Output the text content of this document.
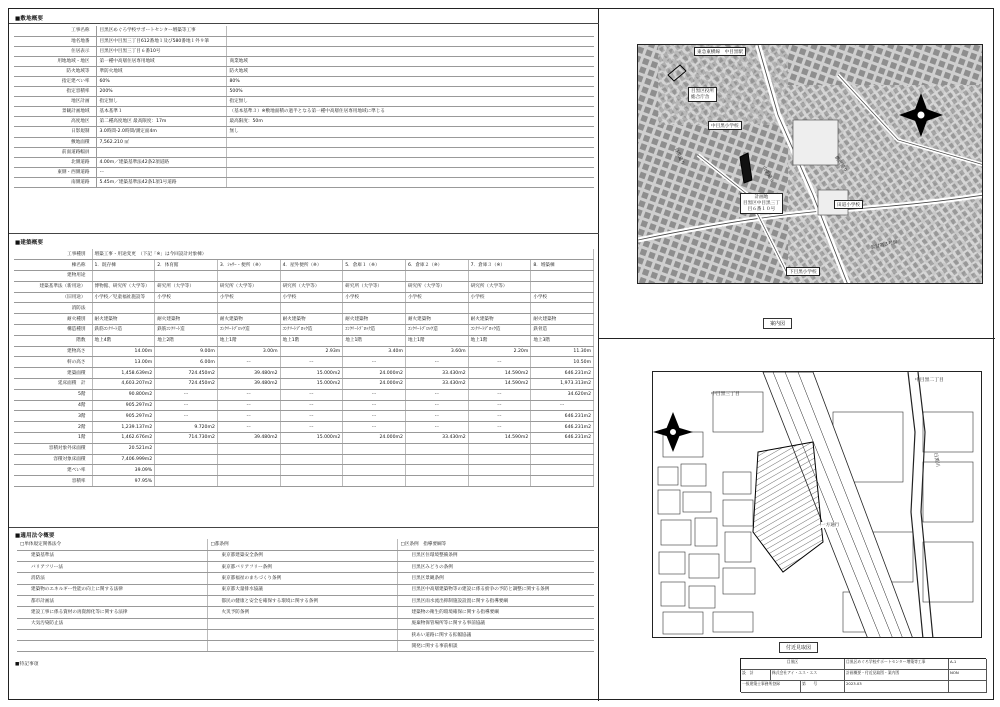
■敷地概要
工事名称	目黒区めぐろ学校サポートセンター増築等工事	
地名地番	目黒区中目黒三丁目612番地１及び580番地１外９筆	
住居表示	目黒区中目黒三丁目６番10号	
用地地域・地区	第一種中高層住居専用地域	商業地域
防火地域等	準防火地域	防火地域
指定建ぺい率	60%	80%
指定容積率	200%	500%
地区計画	指定無し	指定無し
景観計画地域	基本基準１	（基本基準３）※敷地面積の過半となる第一種中高層住居専用地域に準じる
高度地区	第二種高度地区 最高限度：17m	最高限度：50m
日影規制	3.0時間-2.0時間/測定面4m	無し
敷地面積	7,562.210 ㎡	
前面道路幅員		
北側道路	4.00m／建築基準法42条2項道路	
東側・西側道路	ー	
南側道路	5.45m／建築基準法42条1項1号道路	
■建築概要
工事種別	増築工事・用途変更　（下記「※」は今回設計対象棟）							
棟名称	1．既存棟	2．体育館	3．ｼｬﾜｰ・便所（※）	4．屋外便所（※）	5．倉庫１（※）	6．倉庫２（※）	7．倉庫３（※）	8．増築棟
建物用途								
建築基準法（新用途）	博物館、研究所（大学等）	研究所（大学等）	研究所（大学等）	研究所（大学等）	研究所（大学等）	研究所（大学等）	研究所（大学等）	
（旧用途）	小学校／児童福祉施設等	小学校	小学校	小学校	小学校	小学校	小学校	小学校
消防法								
耐火種別	耐火建築物	耐火建築物	耐火建築物	耐火建築物	耐火建築物	耐火建築物	耐火建築物	耐火建築物
構造種別	鉄筋ｺﾝｸﾘｰﾄ造	鉄筋ｺﾝｸﾘｰﾄ造	ｺﾝｸﾘｰﾄﾌﾞﾛｯｸ造	ｺﾝｸﾘｰﾄﾌﾞﾛｯｸ造	ｺﾝｸﾘｰﾄﾌﾞﾛｯｸ造	ｺﾝｸﾘｰﾄﾌﾞﾛｯｸ造	ｺﾝｸﾘｰﾄﾌﾞﾛｯｸ造	鉄骨造
階数	地上4階	地上2階	地上1階	地上1階	地上1階	地上1階	地上1階	地上3階
建物高さ	14.00m	9.00m	3.00m	2.93m	3.40m	3.60m	2.20m	11.30m
軒の高さ	13.00m	6.00m	ー	ー	ー	ー	ー	10.50m
建築面積	1,458.639m2	724.450m2	39.480m2	15.000m2	24.000m2	33.430m2	14.590m2	646.231m2
延床面積　計	4,603.207m2	724.450m2	39.480m2	15.000m2	24.000m2	33.430m2	14.590m2	1,973.313m2
5階	90.800m2	ー	ー	ー	ー	ー	ー	34.620m2
4階	905.297m2	ー	ー	ー	ー	ー	ー	ー
3階	905.297m2	ー	ー	ー	ー	ー	ー	646.231m2
2階	1,239.137m2	9.720m2	ー	ー	ー	ー	ー	646.231m2
1階	1,462.676m2	714.730m2	39.480m2	15.000m2	24.000m2	33.430m2	14.590m2	646.231m2
容積対象外床面積	20.521m2							
容積対象床面積	7,406.999m2							
建ぺい率	39.09%							
容積率	97.95%							
■適用法令概要
□単体規定関係法令	□都条例	□区条例　指導要綱等
建築基準法	東京都建築安全条例	目黒区住環境整備条例
バリアフリー法	東京都バリアフリー条例	目黒区みどりの条例
消防法	東京都福祉のまちづくり条例	目黒区景観条例
建築物のエネルギー性能の向上に関する法律	東京都大量排水協議	目黒区中高層建築物等の建設に係る紛争の予防と調整に関する条例
都市計画法	都民の健康と安全を確保する環境に関する条例	目黒区雨水流出抑制施設設置に関する指導要綱
建設工事に係る資材の再資源化等に関する法律	火災予防条例	建築物の衛生的環境確保に関する指導要綱
大気汚染防止法		廃棄物保管場所等に関する事前協議
		狭あい道路に関する拡幅協議
		開発に関する事前相談
■特記事項
東急東横線　中目黒駅
目黒区役所
総合庁舎
中目黒小学校
計画地
目黒区中目黒三丁
目６番１０号
田道小学校
下目黒小学校
目黒通り
山手通り
駒沢通り
放射第３号線
案内図
中目黒二丁目
中目黒三丁目
日黒川
一方通行
付近見取図
目黒区	目黒区めぐろ学校サポートセンター増築等工事	A-1
設　計	株式会社アイ・エス・エス	計画概要・付近見取図・案内図	NON
一級建築士事務所登録	第　　号	2023.03
